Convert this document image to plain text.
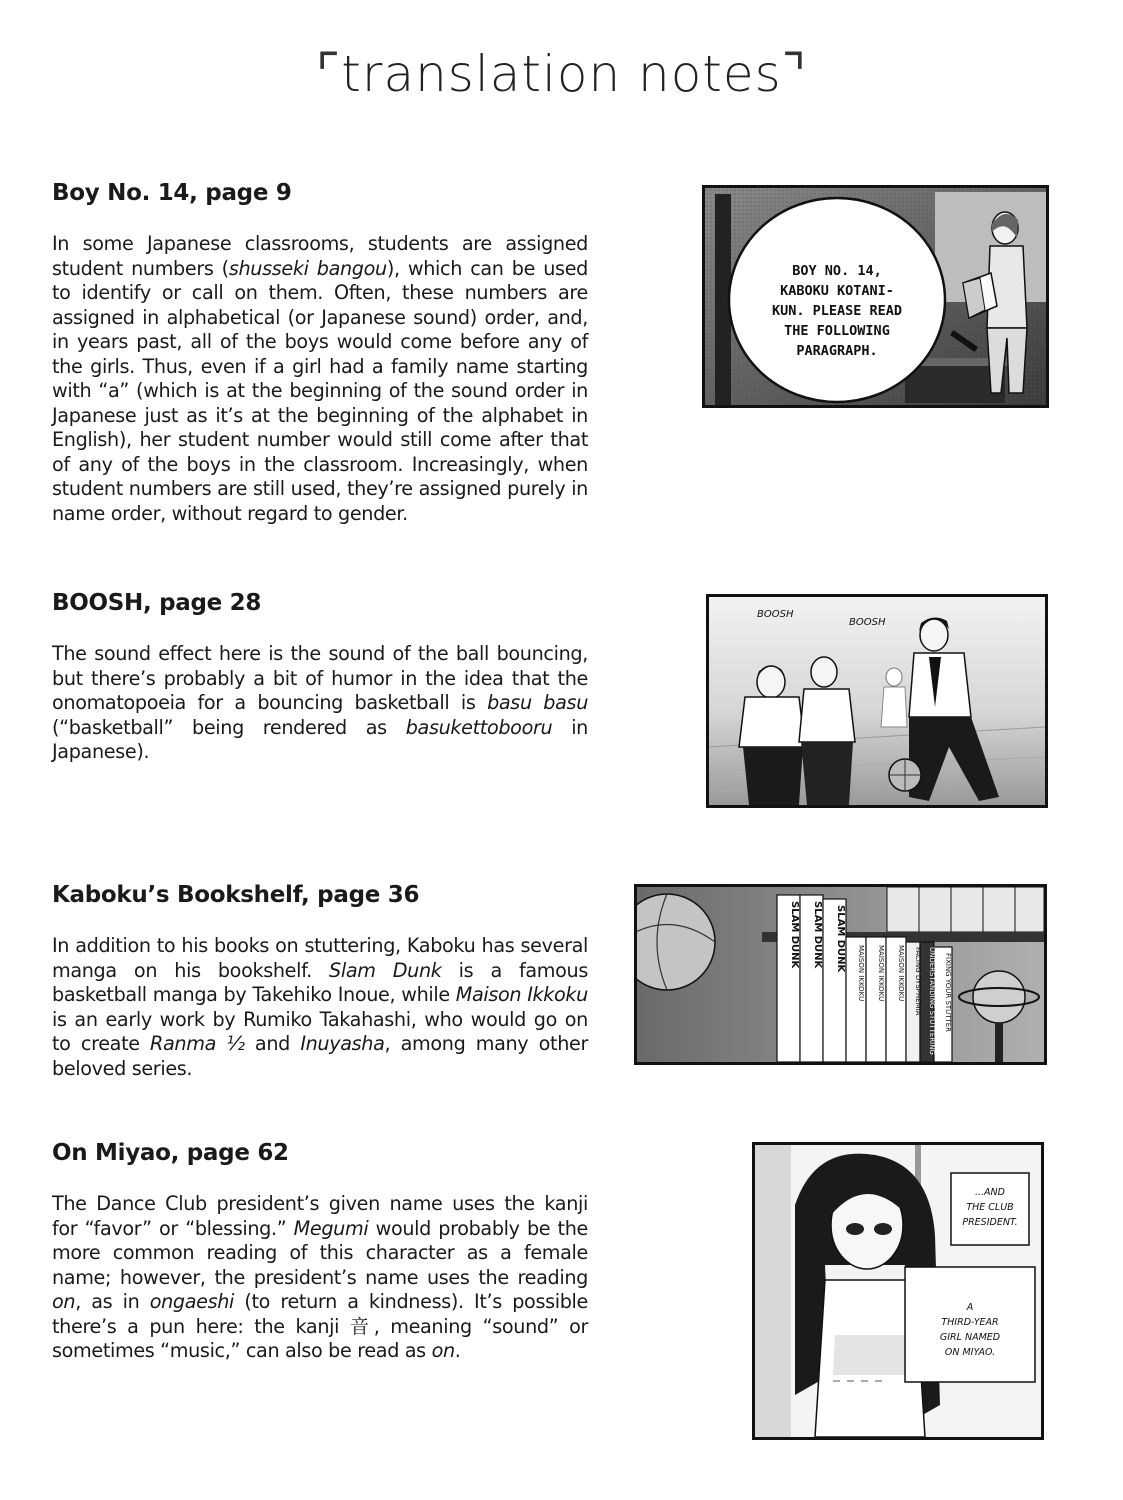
⌜translation notes⌝
Boy No. 14, page 9

In some Japanese classrooms, students are assigned student numbers (shusseki bangou), which can be used to identify or call on them. Often, these numbers are assigned in alphabetical (or Japanese sound) order, and, in years past, all of the boys would come before any of the girls. Thus, even if a girl had a family name starting with “a” (which is at the beginning of the sound order in Japanese just as it’s at the beginning of the alphabet in English), her student number would still come after that of any of the boys in the classroom. Increasingly, when student numbers are still used, they’re assigned purely in name order, without regard to gender.

BOOSH, page 28

The sound effect here is the sound of the ball bouncing, but there’s probably a bit of humor in the idea that the onomatopoeia for a bouncing basketball is basu basu (“basketball” being rendered as basukettobooru in Japanese).

Kaboku’s Bookshelf, page 36

In addition to his books on stuttering, Kaboku has several manga on his bookshelf. Slam Dunk is a famous basketball manga by Takehiko Inoue, while Maison Ikkoku is an early work by Rumiko Takahashi, who would go on to create Ranma ½ and Inuyasha, among many other beloved series.

On Miyao, page 62

The Dance Club president’s given name uses the kanji for “favor” or “blessing.” Megumi would probably be the more common reading of this character as a female name; however, the president’s name uses the reading on, as in ongaeshi (to return a kindness). It’s possible there’s a pun here: the kanji 音, meaning “sound” or sometimes “music,” can also be read as on.

BOY NO. 14,
KABOKU KOTANI-
KUN. PLEASE READ
THE FOLLOWING
PARAGRAPH.
BOOSH
BOOSH
SLAM DUNK SLAM DUNK SLAM DUNK
MAISON IKKOKU MAISON IKKOKU MAISON IKKOKU FACING DYSPHEMIA UNDERSTANDING STUTTERING FIXING YOUR STUTTER
...AND
THE CLUB
PRESIDENT.
A
THIRD-YEAR
GIRL NAMED
ON MIYAO.
